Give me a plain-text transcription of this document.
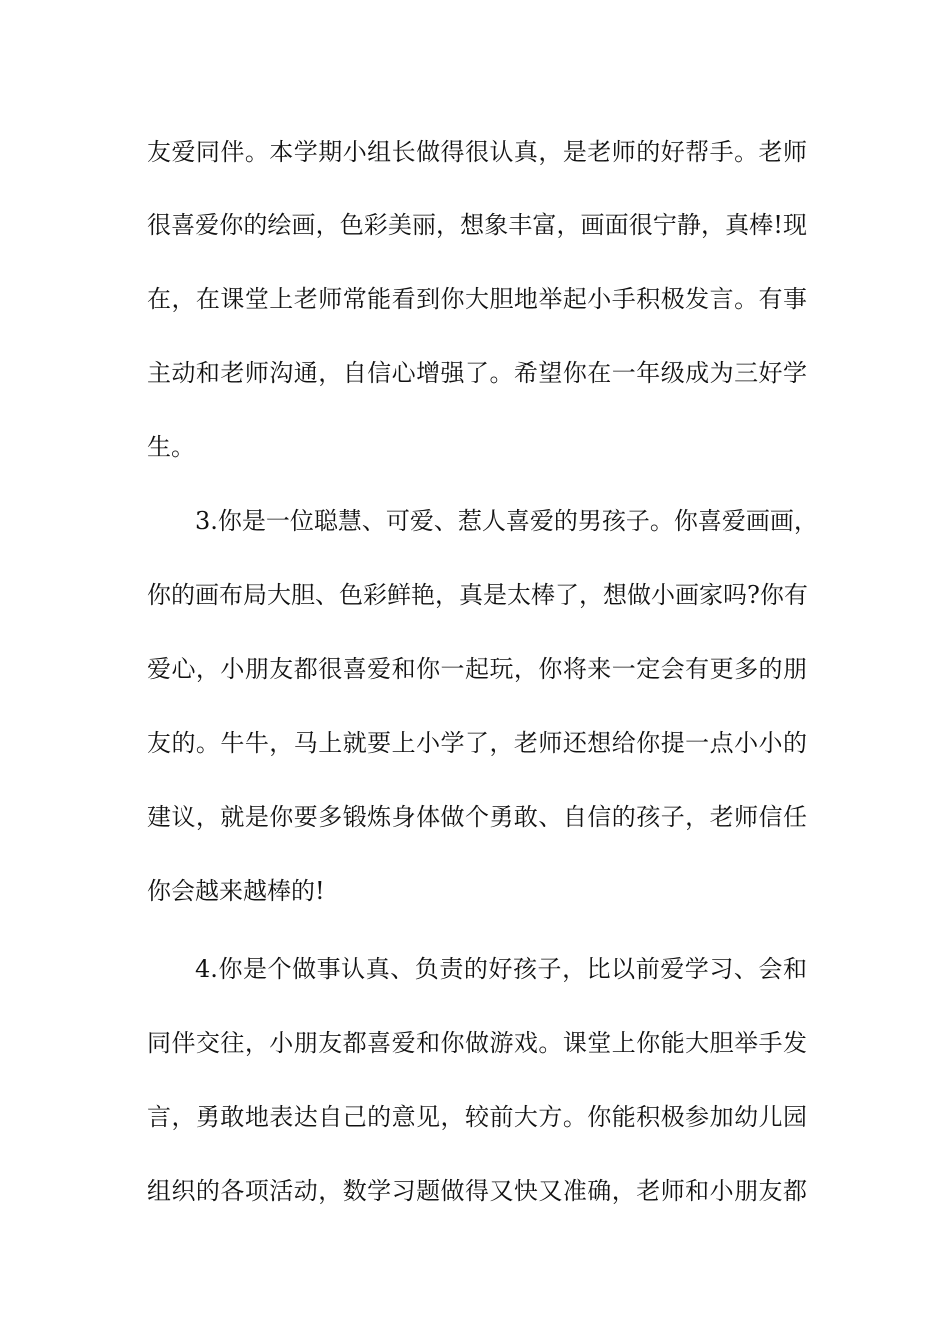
友爱同伴。本学期小组长做得很认真，是老师的好帮手。老师
很喜爱你的绘画，色彩美丽，想象丰富，画面很宁静，真棒!现
在，在课堂上老师常能看到你大胆地举起小手积极发言。有事
主动和老师沟通，自信心增强了。希望你在一年级成为三好学
生。
3.你是一位聪慧、可爱、惹人喜爱的男孩子。你喜爱画画，
你的画布局大胆、色彩鲜艳，真是太棒了，想做小画家吗?你有
爱心，小朋友都很喜爱和你一起玩，你将来一定会有更多的朋
友的。牛牛，马上就要上小学了，老师还想给你提一点小小的
建议，就是你要多锻炼身体做个勇敢、自信的孩子，老师信任
你会越来越棒的!
4.你是个做事认真、负责的好孩子，比以前爱学习、会和
同伴交往，小朋友都喜爱和你做游戏。课堂上你能大胆举手发
言，勇敢地表达自己的意见，较前大方。你能积极参加幼儿园
组织的各项活动，数学习题做得又快又准确，老师和小朋友都
